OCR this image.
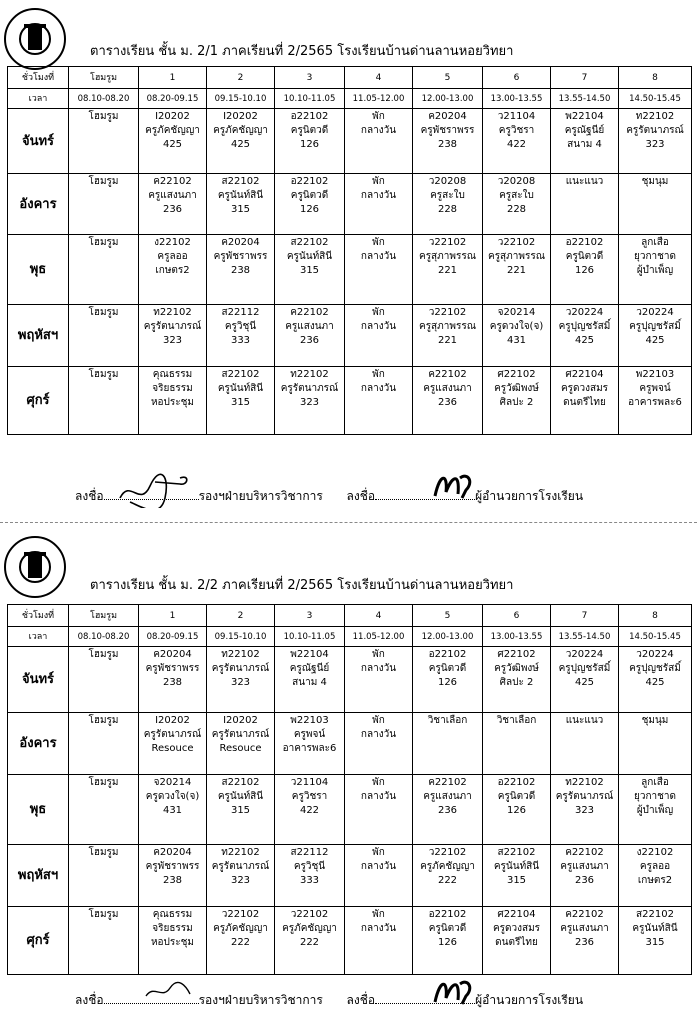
ตารางเรียน ชั้น ม. 2/1 ภาคเรียนที่ 2/2565 โรงเรียนบ้านด่านลานหอยวิทยา
ชั่วโมงที่	โฮมรูม	1	2	3	4	5	6	7	8
เวลา	08.10-08.20	08.20-09.15	09.15-10.10	10.10-11.05	11.05-12.00	12.00-13.00	13.00-13.55	13.55-14.50	14.50-15.45
จันทร์	โฮมรูม	I20202
ครูภัคชัญญา
425	I20202
ครูภัคชัญญา
425	อ22102
ครูนิตวดี
126	พัก
กลางวัน	ค20204
ครูพัชราพรร
238	ว21104
ครูวิชรา
422	พ22104
ครูณัฐนีย์
สนาม 4	ท22102
ครูรัตนาภรณ์
323

อังคาร	โฮมรูม	ค22102
ครูแสงนภา
236	ส22102
ครูนันท์สินี
315	อ22102
ครูนิตวดี
126	พัก
กลางวัน	ว20208
ครูสะใบ
228	ว20208
ครูสะใบ
228	แนะแนว	ชุมนุม

พุธ	โฮมรูม	ง22102
ครูลออ
เกษตร2	ค20204
ครูพัชราพรร
238	ส22102
ครูนันท์สินี
315	พัก
กลางวัน	ว22102
ครูสุภาพรรณ
221	ว22102
ครูสุภาพรรณ
221	อ22102
ครูนิตวดี
126	ลูกเสือ
ยุวกาชาด
ผู้บำเพ็ญ

พฤหัสฯ	โฮมรูม	ท22102
ครูรัตนาภรณ์
323	ส22112
ครูวิชุนี
333	ค22102
ครูแสงนภา
236	พัก
กลางวัน	ว22102
ครูสุภาพรรณ
221	จ20214
ครูดวงใจ(จ)
431	ว20224
ครูปุญชรัสมิ์
425	ว20224
ครูปุญชรัสมิ์
425

ศุกร์	โฮมรูม	คุณธรรม
จริยธรรม
หอประชุม	ส22102
ครูนันท์สินี
315	ท22102
ครูรัตนาภรณ์
323	พัก
กลางวัน	ค22102
ครูแสงนภา
236	ศ22102
ครูวัฒิพงษ์
ศิลปะ 2	ศ22104
ครูดวงสมร
ดนตรีไทย	พ22103
ครูพจน์
อาคารพละ6
ลงชื่อ	รองฯฝ่ายบริหารวิชาการ ลงชื่อ	ผู้อำนวยการโรงเรียน
ตารางเรียน ชั้น ม. 2/2 ภาคเรียนที่ 2/2565 โรงเรียนบ้านด่านลานหอยวิทยา
ชั่วโมงที่	โฮมรูม	1	2	3	4	5	6	7	8
เวลา	08.10-08.20	08.20-09.15	09.15-10.10	10.10-11.05	11.05-12.00	12.00-13.00	13.00-13.55	13.55-14.50	14.50-15.45
จันทร์	โฮมรูม	ค20204
ครูพัชราพรร
238	ท22102
ครูรัตนาภรณ์
323	พ22104
ครูณัฐนีย์
สนาม 4	พัก
กลางวัน	อ22102
ครูนิตวดี
126	ศ22102
ครูวัฒิพงษ์
ศิลปะ 2	ว20224
ครูปุญชรัสมิ์
425	ว20224
ครูปุญชรัสมิ์
425

อังคาร	โฮมรูม	I20202
ครูรัตนาภรณ์
Resouce	I20202
ครูรัตนาภรณ์
Resouce	พ22103
ครูพจน์
อาคารพละ6	พัก
กลางวัน	วิชาเลือก	วิชาเลือก	แนะแนว	ชุมนุม

พุธ	โฮมรูม	จ20214
ครูดวงใจ(จ)
431	ส22102
ครูนันท์สินี
315	ว21104
ครูวิชรา
422	พัก
กลางวัน	ค22102
ครูแสงนภา
236	อ22102
ครูนิตวดี
126	ท22102
ครูรัตนาภรณ์
323	ลูกเสือ
ยุวกาชาด
ผู้บำเพ็ญ

พฤหัสฯ	โฮมรูม	ค20204
ครูพัชราพรร
238	ท22102
ครูรัตนาภรณ์
323	ส22112
ครูวิชุนี
333	พัก
กลางวัน	ว22102
ครูภัคชัญญา
222	ส22102
ครูนันท์สินี
315	ค22102
ครูแสงนภา
236	ง22102
ครูลออ
เกษตร2

ศุกร์	โฮมรูม	คุณธรรม
จริยธรรม
หอประชุม	ว22102
ครูภัคชัญญา
222	ว22102
ครูภัคชัญญา
222	พัก
กลางวัน	อ22102
ครูนิตวดี
126	ศ22104
ครูดวงสมร
ดนตรีไทย	ค22102
ครูแสงนภา
236	ส22102
ครูนันท์สินี
315
ลงชื่อ	รองฯฝ่ายบริหารวิชาการ ลงชื่อ	ผู้อำนวยการโรงเรียน
